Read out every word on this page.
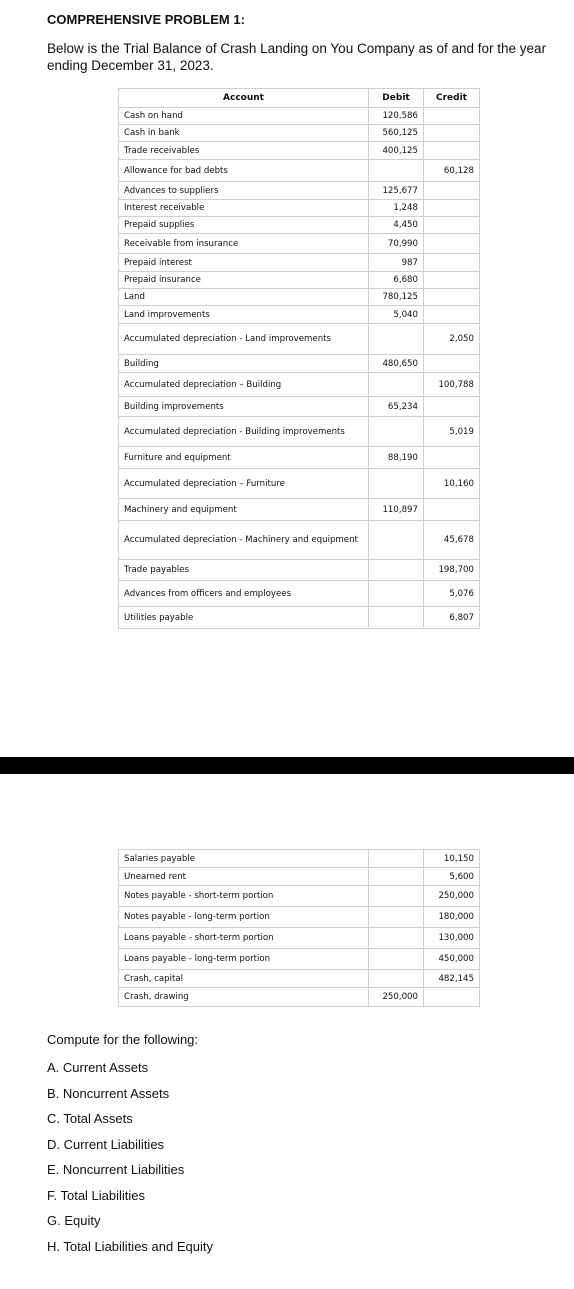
COMPREHENSIVE PROBLEM 1:
Below is the Trial Balance of Crash Landing on You Company as of and for the year ending December 31, 2023.
Account	Debit	Credit
Cash on hand	120,586	
Cash in bank	560,125	
Trade receivables	400,125	
Allowance for bad debts		60,128
Advances to suppliers	125,677	
Interest receivable	1,248	
Prepaid supplies	4,450	
Receivable from insurance	70,990	
Prepaid interest	987	
Prepaid insurance	6,680	
Land	780,125	
Land improvements	5,040	
Accumulated depreciation - Land improvements		2,050
Building	480,650	
Accumulated depreciation – Building		100,788
Building improvements	65,234	
Accumulated depreciation - Building improvements		5,019
Furniture and equipment	88,190	
Accumulated depreciation – Furniture		10,160
Machinery and equipment	110,897	
Accumulated depreciation - Machinery and equipment		45,678
Trade payables		198,700
Advances from officers and employees		5,076
Utilities payable		6,807
Salaries payable		10,150
Unearned rent		5,600
Notes payable - short-term portion		250,000
Notes payable - long-term portion		180,000
Loans payable - short-term portion		130,000
Loans payable - long-term portion		450,000
Crash, capital		482,145
Crash, drawing	250,000	
Compute for the following:
A. Current Assets
B. Noncurrent Assets
C. Total Assets
D. Current Liabilities
E. Noncurrent Liabilities
F. Total Liabilities
G. Equity
H. Total Liabilities and Equity
